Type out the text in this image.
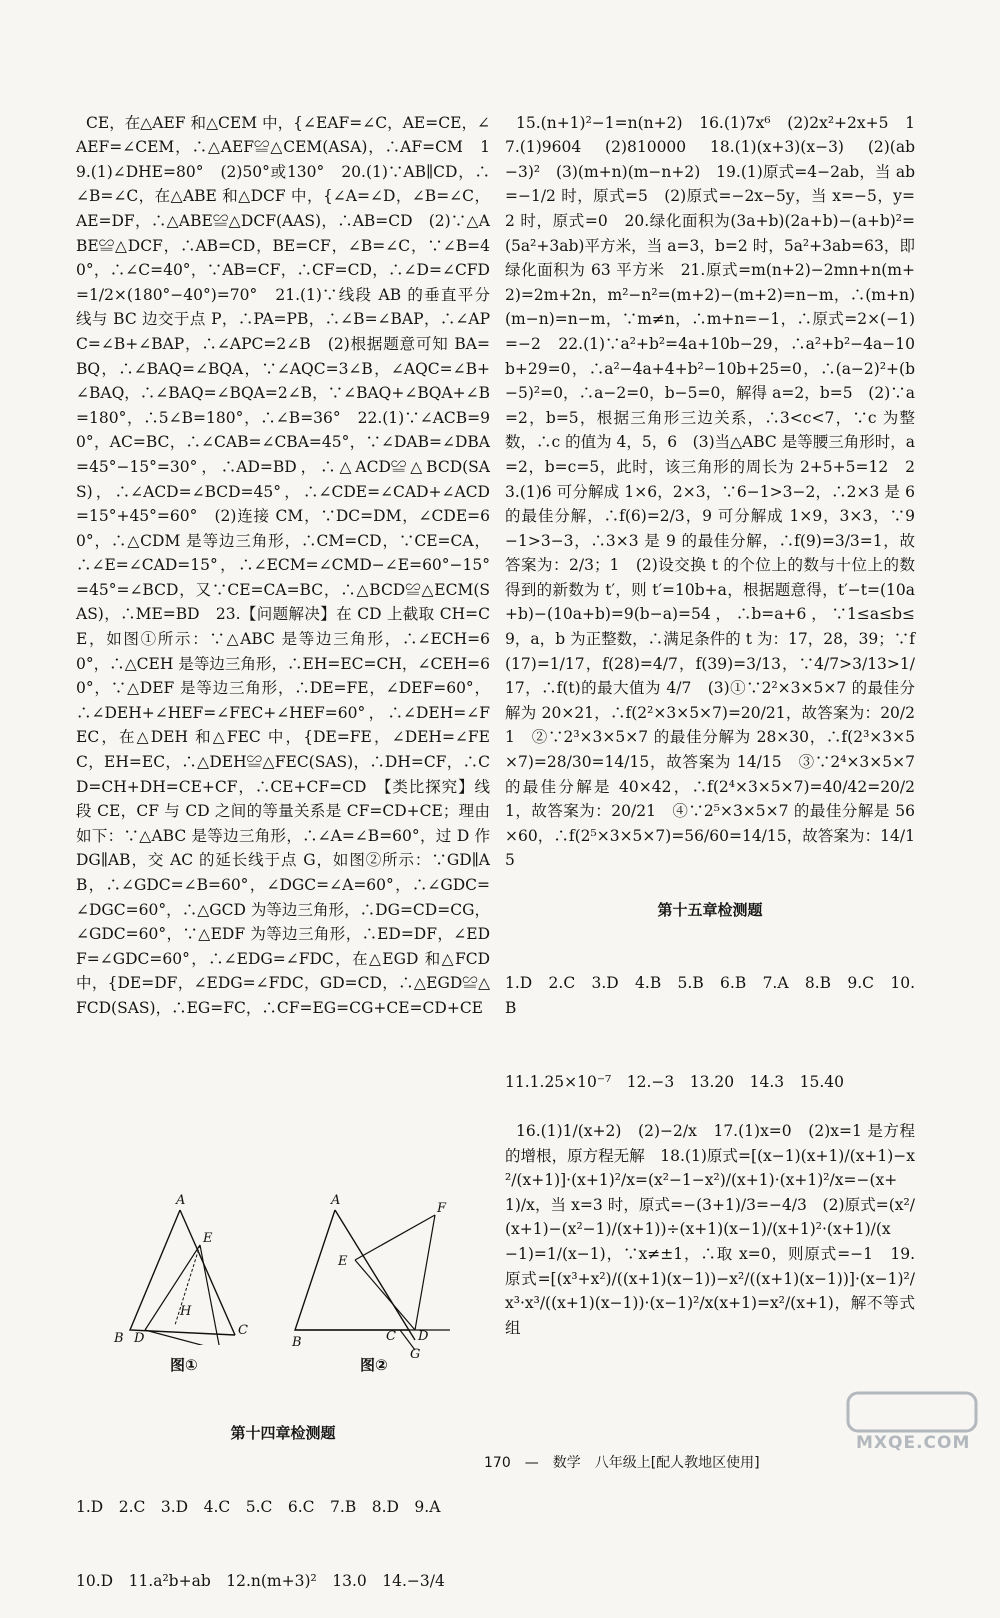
CE，在△AEF 和△CEM 中，{∠EAF=∠C，AE=CE，∠AEF=∠CEM，∴△AEF≌△CEM(ASA)，∴AF=CM　19.(1)∠DHE=80°　(2)50°或130°　20.(1)∵AB∥CD，∴∠B=∠C，在△ABE 和△DCF 中，{∠A=∠D，∠B=∠C，AE=DF，∴△ABE≌△DCF(AAS)，∴AB=CD　(2)∵△ABE≌△DCF，∴AB=CD，BE=CF，∠B=∠C，∵∠B=40°，∴∠C=40°，∵AB=CF，∴CF=CD，∴∠D=∠CFD=1/2×(180°−40°)=70°　21.(1)∵线段 AB 的垂直平分线与 BC 边交于点 P，∴PA=PB，∴∠B=∠BAP，∴∠APC=∠B+∠BAP，∴∠APC=2∠B　(2)根据题意可知 BA=BQ，∴∠BAQ=∠BQA，∵∠AQC=3∠B，∠AQC=∠B+∠BAQ，∴∠BAQ=∠BQA=2∠B，∵∠BAQ+∠BQA+∠B=180°，∴5∠B=180°，∴∠B=36°　22.(1)∵∠ACB=90°，AC=BC，∴∠CAB=∠CBA=45°，∵∠DAB=∠DBA=45°−15°=30°，∴AD=BD，∴△ACD≌△BCD(SAS)，∴∠ACD=∠BCD=45°，∴∠CDE=∠CAD+∠ACD=15°+45°=60°　(2)连接 CM，∵DC=DM，∠CDE=60°，∴△CDM 是等边三角形，∴CM=CD，∵CE=CA，∴∠E=∠CAD=15°，∴∠ECM=∠CMD−∠E=60°−15°=45°=∠BCD，又∵CE=CA=BC，∴△BCD≌△ECM(SAS)，∴ME=BD　23.【问题解决】在 CD 上截取 CH=CE，如图①所示：∵△ABC 是等边三角形，∴∠ECH=60°，∴△CEH 是等边三角形，∴EH=EC=CH，∠CEH=60°，∵△DEF 是等边三角形，∴DE=FE，∠DEF=60°，∴∠DEH+∠HEF=∠FEC+∠HEF=60°，∴∠DEH=∠FEC，在△DEH 和△FEC 中，{DE=FE，∠DEH=∠FEC，EH=EC，∴△DEH≌△FEC(SAS)，∴DH=CF，∴CD=CH+DH=CE+CF，∴CE+CF=CD　【类比探究】线段 CE，CF 与 CD 之间的等量关系是 CF=CD+CE；理由如下：∵△ABC 是等边三角形，∴∠A=∠B=60°，过 D 作 DG∥AB，交 AC 的延长线于点 G，如图②所示：∵GD∥AB，∴∠GDC=∠B=60°，∠DGC=∠A=60°，∴∠GDC=∠DGC=60°，∴△GCD 为等边三角形，∴DG=CD=CG，∠GDC=60°，∵△EDF 为等边三角形，∴ED=DF，∠EDF=∠GDC=60°，∴∠EDG=∠FDC，在△EGD 和△FCD 中，{DE=DF，∠EDG=∠FDC，GD=CD，∴△EGD≌△FCD(SAS)，∴EG=FC，∴CF=EG=CG+CE=CD+CE

A
E
H
B D
C
A
F
E
B	C D
G
图①	图②

第十四章检测题

1.D　2.C　3.D　4.C　5.C　6.C　7.B　8.D　9.A

10.D　11.a²b+ab　12.n(m+3)²　13.0　14.−3/4

15.(n+1)²−1=n(n+2)　16.(1)7x⁶　(2)2x²+2x+5　17.(1)9604　(2)810000　18.(1)(x+3)(x−3)　(2)(ab−3)²　(3)(m+n)(m−n+2)　19.(1)原式=4−2ab，当 ab=−1/2 时，原式=5　(2)原式=−2x−5y，当 x=−5，y=2 时，原式=0　20.绿化面积为(3a+b)(2a+b)−(a+b)²=(5a²+3ab)平方米，当 a=3，b=2 时，5a²+3ab=63，即绿化面积为 63 平方米　21.原式=m(n+2)−2mn+n(m+2)=2m+2n，m²−n²=(m+2)−(m+2)=n−m，∴(m+n)(m−n)=n−m，∵m≠n，∴m+n=−1，∴原式=2×(−1)=−2　22.(1)∵a²+b²=4a+10b−29，∴a²+b²−4a−10b+29=0，∴a²−4a+4+b²−10b+25=0，∴(a−2)²+(b−5)²=0，∴a−2=0，b−5=0，解得 a=2，b=5　(2)∵a=2，b=5，根据三角形三边关系，∴3<c<7，∵c 为整数，∴c 的值为 4，5，6　(3)当△ABC 是等腰三角形时，a=2，b=c=5，此时，该三角形的周长为 2+5+5=12　23.(1)6 可分解成 1×6，2×3，∵6−1>3−2，∴2×3 是 6 的最佳分解，∴f(6)=2/3，9 可分解成 1×9，3×3，∵9−1>3−3，∴3×3 是 9 的最佳分解，∴f(9)=3/3=1，故答案为：2/3；1　(2)设交换 t 的个位上的数与十位上的数得到的新数为 t′，则 t′=10b+a，根据题意得，t′−t=(10a+b)−(10a+b)=9(b−a)=54，∴b=a+6，∵1≤a≤b≤9，a，b 为正整数，∴满足条件的 t 为：17，28，39；∵f(17)=1/17，f(28)=4/7，f(39)=3/13，∵4/7>3/13>1/17，∴f(t)的最大值为 4/7　(3)①∵2²×3×5×7 的最佳分解为 20×21，∴f(2²×3×5×7)=20/21，故答案为：20/21　②∵2³×3×5×7 的最佳分解为 28×30，∴f(2³×3×5×7)=28/30=14/15，故答案为 14/15　③∵2⁴×3×5×7 的最佳分解是 40×42，∴f(2⁴×3×5×7)=40/42=20/21，故答案为：20/21　④∵2⁵×3×5×7 的最佳分解是 56×60，∴f(2⁵×3×5×7)=56/60=14/15，故答案为：14/15

第十五章检测题

1.D　2.C　3.D　4.B　5.B　6.B　7.A　8.B　9.C　10.B

11.1.25×10⁻⁷　12.−3　13.20　14.3　15.40

16.(1)1/(x+2)　(2)−2/x　17.(1)x=0　(2)x=1 是方程的增根，原方程无解　18.(1)原式=[(x−1)(x+1)/(x+1)−x²/(x+1)]·(x+1)²/x=(x²−1−x²)/(x+1)·(x+1)²/x=−(x+1)/x，当 x=3 时，原式=−(3+1)/3=−4/3　(2)原式=(x²/(x+1)−(x²−1)/(x+1))÷(x+1)(x−1)/(x+1)²·(x+1)/(x−1)=1/(x−1)，∵x≠±1，∴取 x=0，则原式=−1　19.原式=[(x³+x²)/((x+1)(x−1))−x²/((x+1)(x−1))]·(x−1)²/x³·x³/((x+1)(x−1))·(x−1)²/x(x+1)=x²/(x+1)，解不等式组

170　—　数学　八年级上[配人教地区使用]
MXQE.COM
